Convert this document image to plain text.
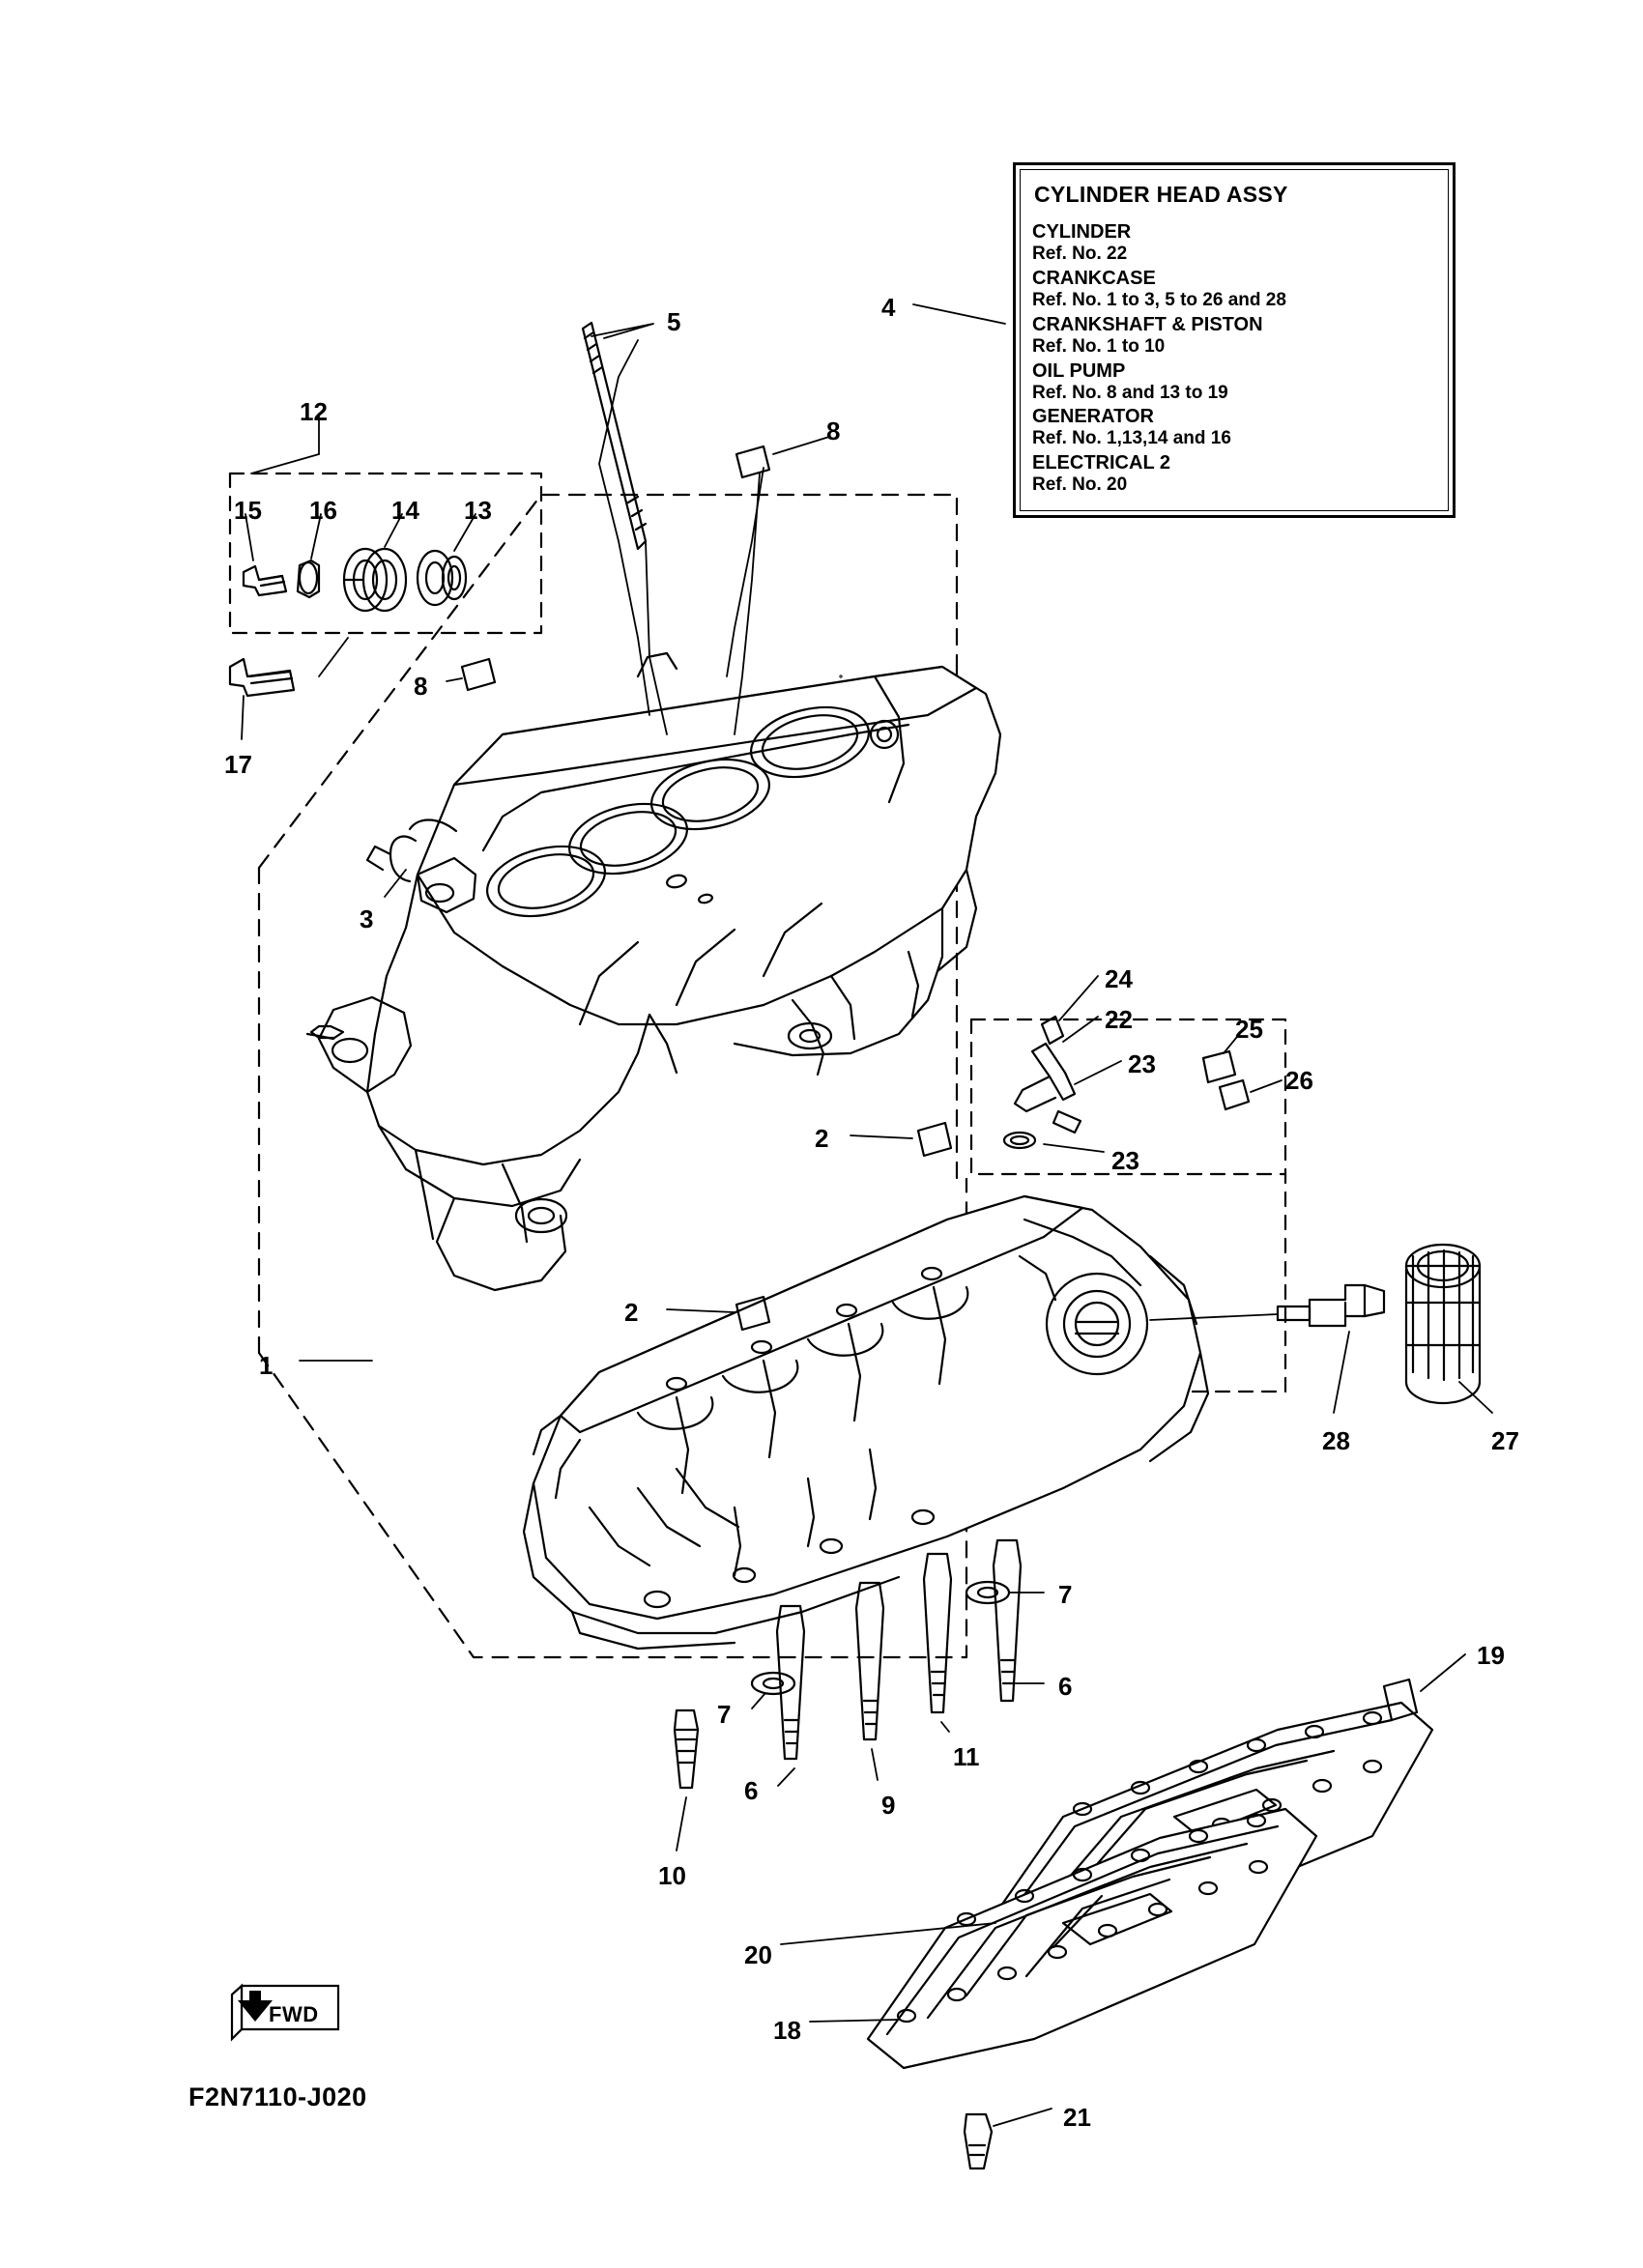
CYLINDER HEAD ASSY
CYLINDER
Ref. No. 22
CRANKCASE
Ref. No. 1 to 3, 5 to 26 and 28
CRANKSHAFT & PISTON
Ref. No. 1 to 10
OIL PUMP
Ref. No. 8 and 13 to 19
GENERATOR
Ref. No. 1,13,14 and 16
ELECTRICAL 2
Ref. No. 20
1
2
2
3
4
5
6
6
7
7
8
8
9
10
11
12
13
14
15 16
17
18
19
20
21
22
23
23
24
25
26
27
28
FWD
F2N7110-J020
